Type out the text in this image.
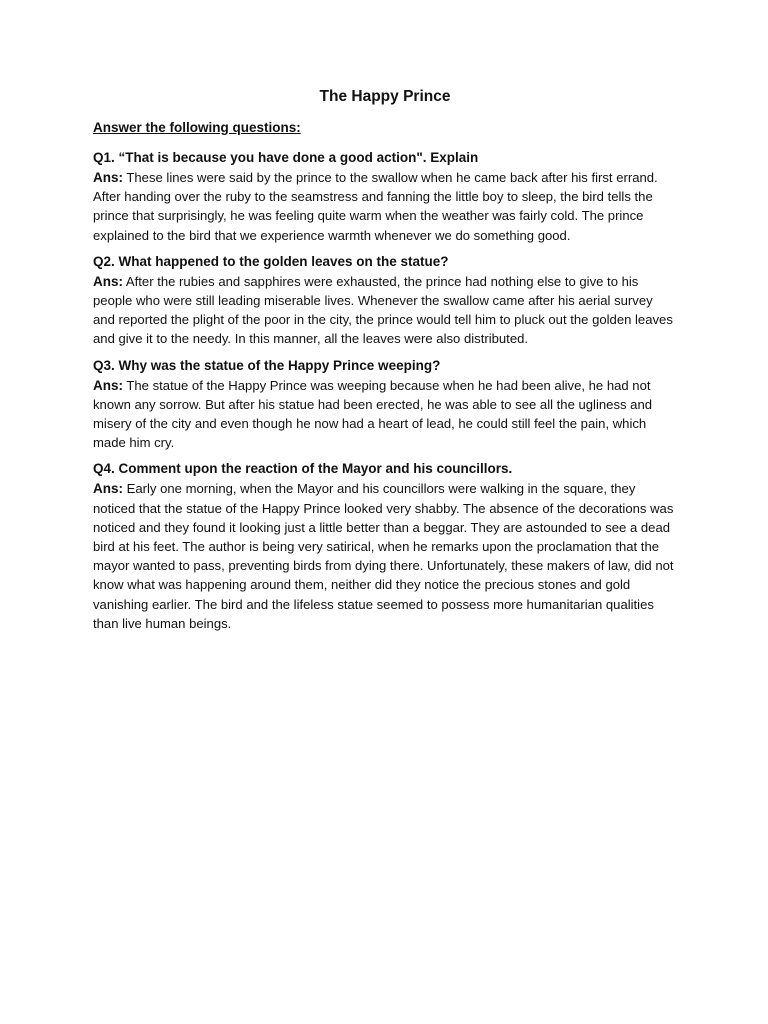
The Happy Prince
Answer the following questions:
Q1. “That is because you have done a good action". Explain

Ans: These lines were said by the prince to the swallow when he came back after his first errand. After handing over the ruby to the seamstress and fanning the little boy to sleep, the bird tells the prince that surprisingly, he was feeling quite warm when the weather was fairly cold. The prince explained to the bird that we experience warmth whenever we do something good.

Q2. What happened to the golden leaves on the statue?

Ans: After the rubies and sapphires were exhausted, the prince had nothing else to give to his people who were still leading miserable lives. Whenever the swallow came after his aerial survey and reported the plight of the poor in the city, the prince would tell him to pluck out the golden leaves and give it to the needy. In this manner, all the leaves were also distributed.

Q3. Why was the statue of the Happy Prince weeping?

Ans: The statue of the Happy Prince was weeping because when he had been alive, he had not known any sorrow. But after his statue had been erected, he was able to see all the ugliness and misery of the city and even though he now had a heart of lead, he could still feel the pain, which made him cry.

Q4. Comment upon the reaction of the Mayor and his councillors.

Ans: Early one morning, when the Mayor and his councillors were walking in the square, they noticed that the statue of the Happy Prince looked very shabby. The absence of the decorations was noticed and they found it looking just a little better than a beggar. They are astounded to see a dead bird at his feet. The author is being very satirical, when he remarks upon the proclamation that the mayor wanted to pass, preventing birds from dying there. Unfortunately, these makers of law, did not know what was happening around them, neither did they notice the precious stones and gold vanishing earlier. The bird and the lifeless statue seemed to possess more humanitarian qualities than live human beings.
